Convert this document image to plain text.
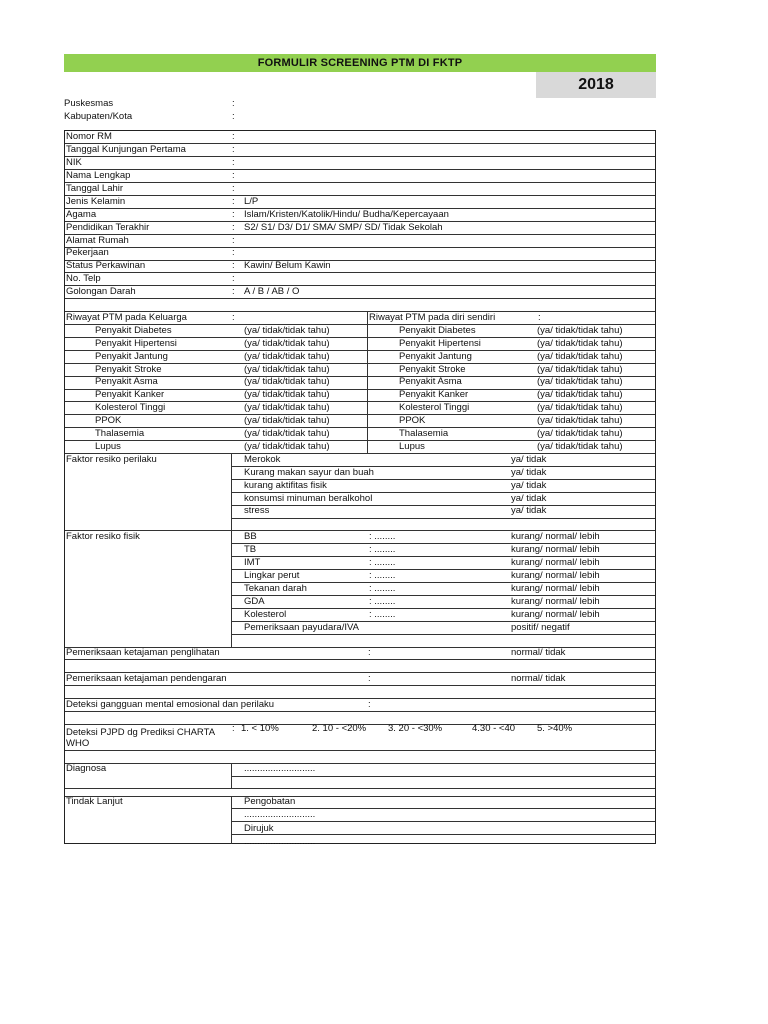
FORMULIR SCREENING PTM DI FKTP
2018
Puskesmas	:
Kabupaten/Kota	:
Nomor RM	:
Tanggal Kunjungan Pertama	:
NIK	:
Nama Lengkap	:
Tanggal Lahir	:
Jenis Kelamin	: L/P
Agama	: Islam/Kristen/Katolik/Hindu/ Budha/Kepercayaan
Pendidikan Terakhir	: S2/ S1/ D3/ D1/ SMA/ SMP/ SD/ Tidak Sekolah
Alamat Rumah	:
Pekerjaan	:
Status Perkawinan	: Kawin/ Belum Kawin
No. Telp	:
Golongan Darah	: A / B / AB / O
Riwayat PTM pada Keluarga	:	Riwayat PTM pada diri sendiri	:
Penyakit Diabetes	(ya/ tidak/tidak tahu)	Penyakit Diabetes	(ya/ tidak/tidak tahu)
Penyakit Hipertensi	(ya/ tidak/tidak tahu)	Penyakit Hipertensi	(ya/ tidak/tidak tahu)
Penyakit Jantung	(ya/ tidak/tidak tahu)	Penyakit Jantung	(ya/ tidak/tidak tahu)
Penyakit Stroke	(ya/ tidak/tidak tahu)	Penyakit Stroke	(ya/ tidak/tidak tahu)
Penyakit Asma	(ya/ tidak/tidak tahu)	Penyakit Asma	(ya/ tidak/tidak tahu)
Penyakit Kanker	(ya/ tidak/tidak tahu)	Penyakit Kanker	(ya/ tidak/tidak tahu)
Kolesterol Tinggi	(ya/ tidak/tidak tahu)	Kolesterol Tinggi	(ya/ tidak/tidak tahu)
PPOK	(ya/ tidak/tidak tahu)	PPOK	(ya/ tidak/tidak tahu)
Thalasemia	(ya/ tidak/tidak tahu)	Thalasemia	(ya/ tidak/tidak tahu)
Lupus	(ya/ tidak/tidak tahu)	Lupus	(ya/ tidak/tidak tahu)
Faktor resiko perilaku	Merokok	ya/ tidak
Kurang makan sayur dan buah	ya/ tidak
kurang aktifitas fisik	ya/ tidak
konsumsi minuman beralkohol	ya/ tidak
stress	ya/ tidak
Faktor resiko fisik	BB	: ........	kurang/ normal/ lebih
TB	: ........	kurang/ normal/ lebih
IMT	: ........	kurang/ normal/ lebih
Lingkar perut	: ........	kurang/ normal/ lebih
Tekanan darah	: ........	kurang/ normal/ lebih
GDA	: ........	kurang/ normal/ lebih
Kolesterol	: ........	kurang/ normal/ lebih
Pemeriksaan payudara/IVA	positif/ negatif
Pemeriksaan ketajaman penglihatan	:	normal/ tidak
Pemeriksaan ketajaman pendengaran	:	normal/ tidak
Deteksi gangguan mental emosional dan perilaku	:
Deteksi PJPD dg Prediksi CHARTA
WHO
: 1. < 10%	2. 10 - <20% 3. 20 - <30%	4.30 - <40 5. >40%
Diagnosa	...........................
Tindak Lanjut	Pengobatan
...........................
Dirujuk
...........................
